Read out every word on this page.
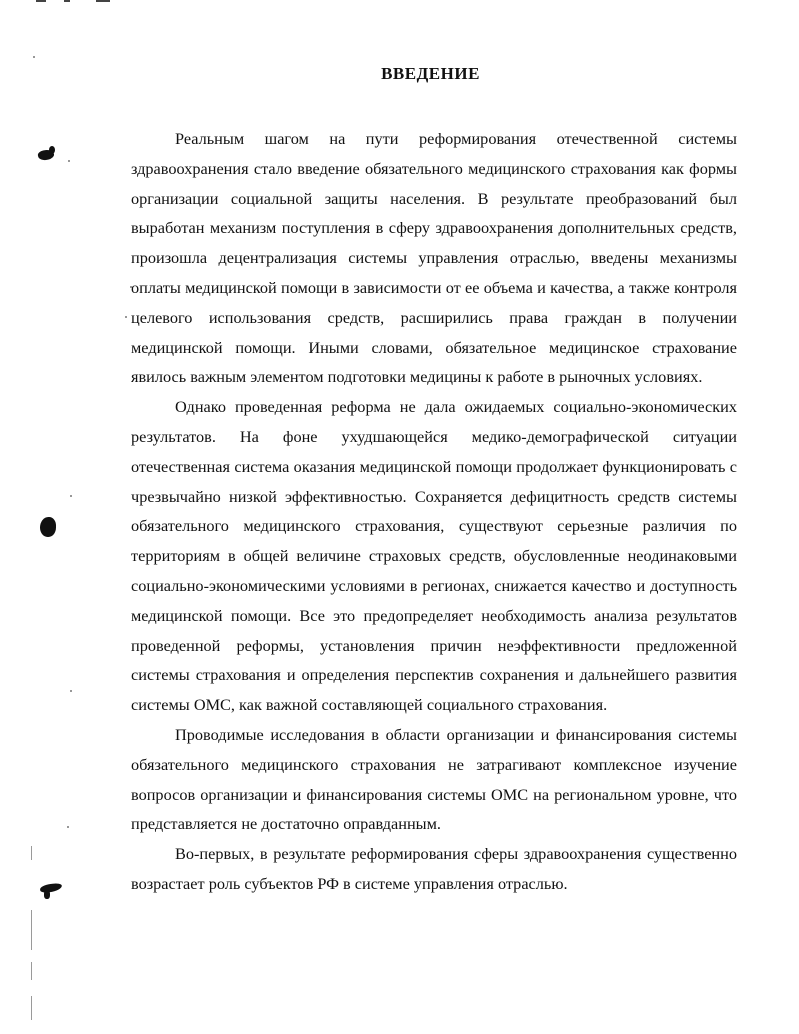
ВВЕДЕНИЕ

Реальным шагом на пути реформирования отечественной системы здравоохранения стало введение обязательного медицинского страхования как формы организации социальной защиты населения. В результате преобразований был выработан механизм поступления в сферу здравоохранения дополнительных средств, произошла децентрализация системы управления отраслью, введены механизмы оплаты медицинской помощи в зависимости от ее объема и качества, а также контроля целевого использования средств, расширились права граждан в получении медицинской помощи. Иными словами, обязательное медицинское страхование явилось важным элементом подготовки медицины к работе в рыночных условиях.

Однако проведенная реформа не дала ожидаемых социально-экономических результатов. На фоне ухудшающейся медико-демографической ситуации отечественная система оказания медицинской помощи продолжает функционировать с чрезвычайно низкой эффективностью. Сохраняется дефицитность средств системы обязательного медицинского страхования, существуют серьезные различия по территориям в общей величине страховых средств, обусловленные неодинаковыми социально-экономическими условиями в регионах, снижается качество и доступность медицинской помощи. Все это предопределяет необходимость анализа результатов проведенной реформы, установления причин неэффективности предложенной системы страхования и определения перспектив сохранения и дальнейшего развития системы ОМС, как важной составляющей социального страхования.

Проводимые исследования в области организации и финансирования системы обязательного медицинского страхования не затрагивают комплексное изучение вопросов организации и финансирования системы ОМС на региональном уровне, что представляется не достаточно оправданным.

Во-первых, в результате реформирования сферы здравоохранения существенно возрастает роль субъектов РФ в системе управления отраслью.
